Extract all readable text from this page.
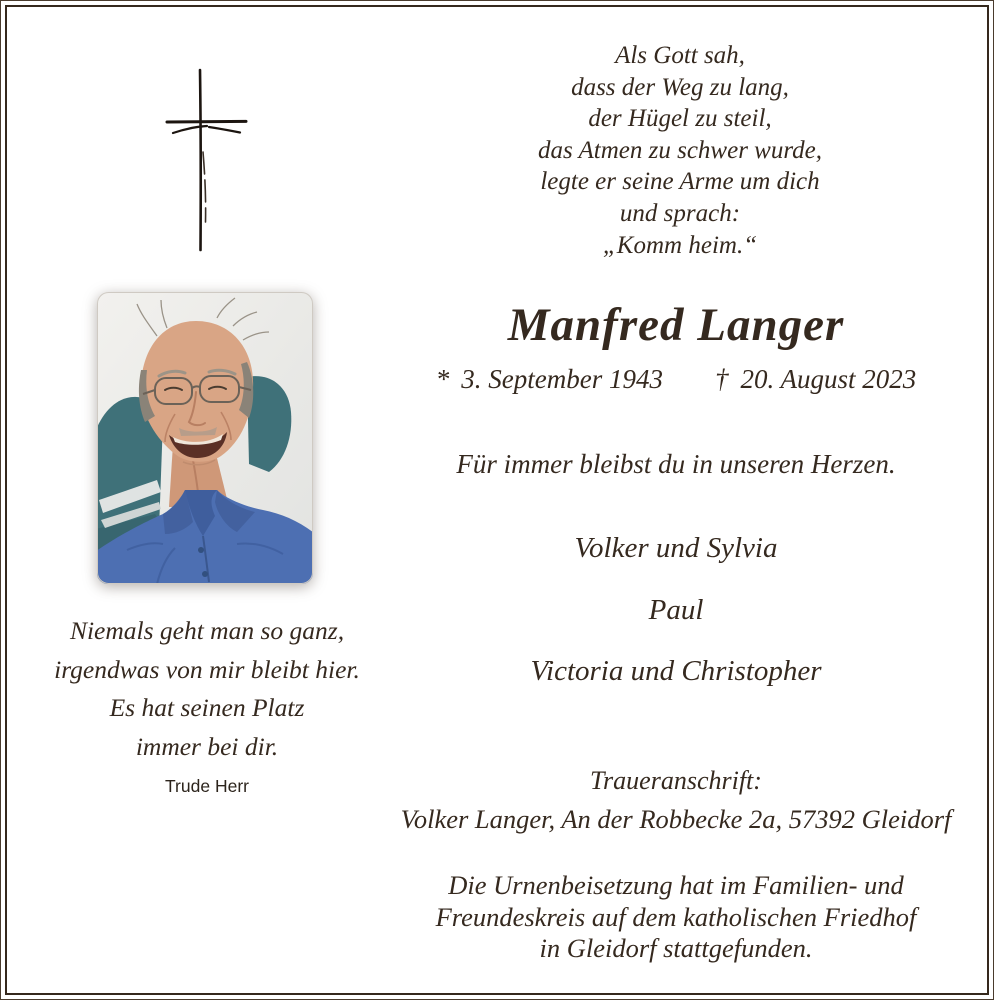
Als Gott sah,
dass der Weg zu lang,
der Hügel zu steil,
das Atmen zu schwer wurde,
legte er seine Arme um dich
und sprach:
„Komm heim.“
Manfred Langer
* 3. September 1943 † 20. August 2023
Für immer bleibst du in unseren Herzen.
Volker und Sylvia
Paul
Victoria und Christopher
Niemals geht man so ganz,
irgendwas von mir bleibt hier.
Es hat seinen Platz
immer bei dir.
Trude Herr	Traueranschrift:
Volker Langer, An der Robbecke 2a, 57392 Gleidorf
Die Urnenbeisetzung hat im Familien- und
Freundeskreis auf dem katholischen Friedhof
in Gleidorf stattgefunden.
